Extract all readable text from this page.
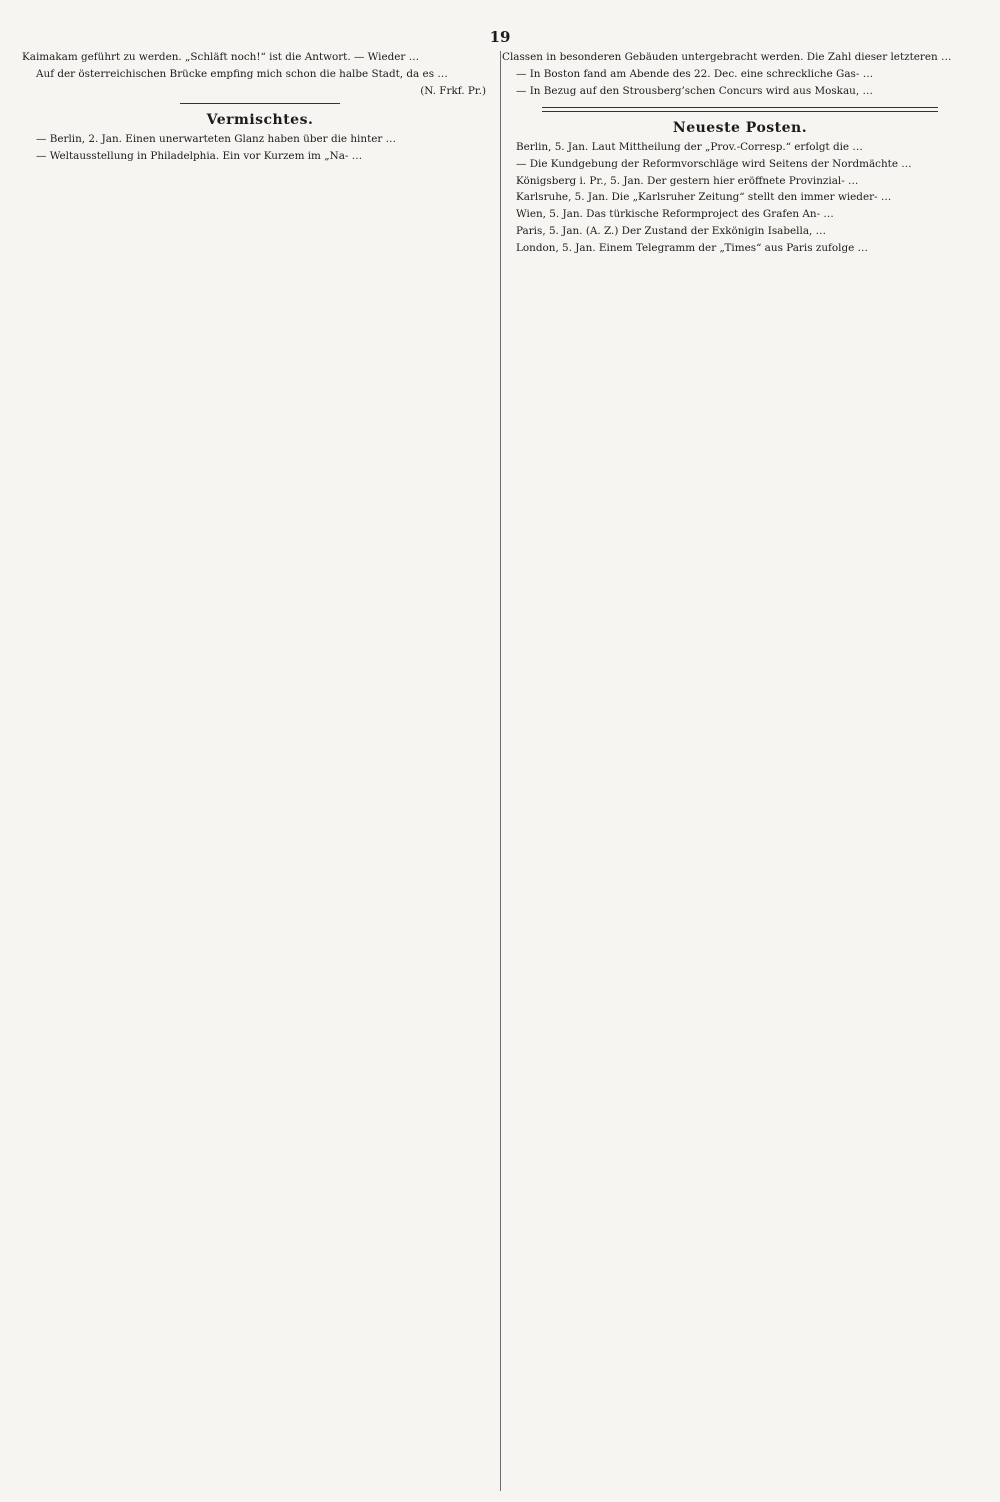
19

Kaimakam geführt zu werden. „Schläft noch!“ ist die Antwort. — Wieder …

Auf der österreichischen Brücke empfing mich schon die halbe Stadt, da es …

(N. Frkf. Pr.)
Vermischtes.

— Berlin, 2. Jan. Einen unerwarteten Glanz haben über die hinter …

— Weltausstellung in Philadelphia. Ein vor Kurzem im „Na- …

Classen in besonderen Gebäuden untergebracht werden. Die Zahl dieser letzteren …

— In Boston fand am Abende des 22. Dec. eine schreckliche Gas- …

— In Bezug auf den Strousberg’schen Concurs wird aus Moskau, …

Neueste Posten.

Berlin, 5. Jan. Laut Mittheilung der „Prov.-Corresp.“ erfolgt die …

— Die Kundgebung der Reformvorschläge wird Seitens der Nordmächte …

Königsberg i. Pr., 5. Jan. Der gestern hier eröffnete Provinzial- …

Karlsruhe, 5. Jan. Die „Karlsruher Zeitung“ stellt den immer wieder- …

Wien, 5. Jan. Das türkische Reformproject des Grafen An- …

Paris, 5. Jan. (A. Z.) Der Zustand der Exkönigin Isabella, …

London, 5. Jan. Einem Telegramm der „Times“ aus Paris zufolge …
